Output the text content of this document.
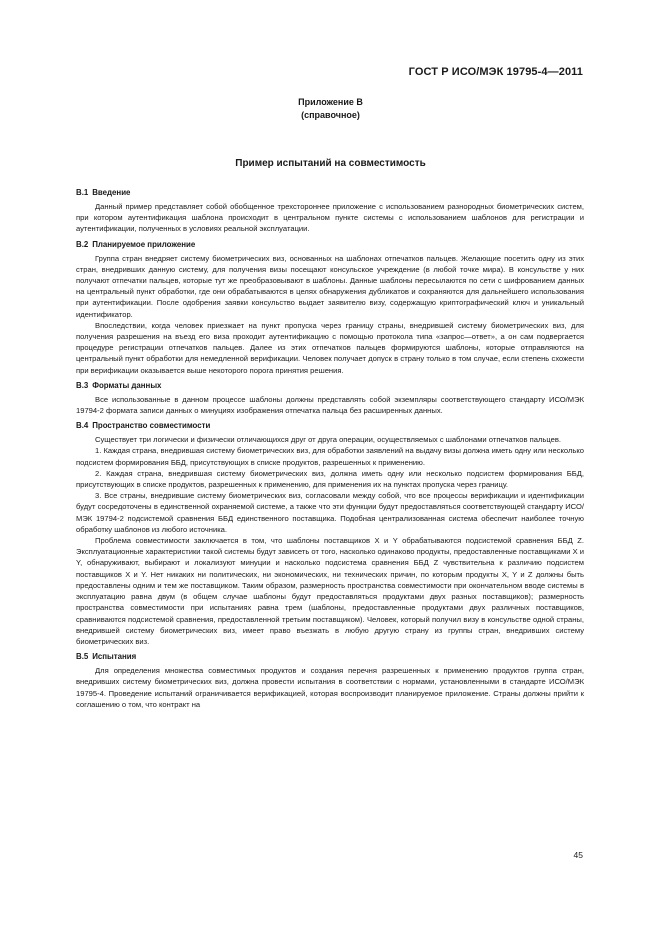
ГОСТ Р ИСО/МЭК 19795-4—2011
Приложение В
(справочное)
Пример испытаний на совместимость
В.1 Введение

Данный пример представляет собой обобщенное трехстороннее приложение с использованием разнородных биометрических систем, при котором аутентификация шаблона происходит в центральном пункте системы с использованием шаблонов для регистрации и аутентификации, полученных в условиях реальной эксплуатации.

В.2 Планируемое приложение

Группа стран внедряет систему биометрических виз, основанных на шаблонах отпечатков пальцев. Желающие посетить одну из этих стран, внедривших данную систему, для получения визы посещают консульское учреждение (в любой точке мира). В консульстве у них получают отпечатки пальцев, которые тут же преобразовывают в шаблоны. Данные шаблоны пересылаются по сети с шифрованием данных на центральный пункт обработки, где они обрабатываются в целях обнаружения дубликатов и сохраняются для дальнейшего использования при аутентификации. После одобрения заявки консульство выдает заявителю визу, содержащую криптографический ключ и уникальный идентификатор.

Впоследствии, когда человек приезжает на пункт пропуска через границу страны, внедрившей систему биометрических виз, для получения разрешения на въезд его виза проходит аутентификацию с помощью протокола типа «запрос—ответ», а он сам подвергается процедуре регистрации отпечатков пальцев. Далее из этих отпечатков пальцев формируются шаблоны, которые отправляются на центральный пункт обработки для немедленной верификации. Человек получает допуск в страну только в том случае, если степень схожести при верификации оказывается выше некоторого порога принятия решения.

В.3 Форматы данных

Все использованные в данном процессе шаблоны должны представлять собой экземпляры соответствующего стандарту ИСО/МЭК 19794-2 формата записи данных о минуциях изображения отпечатка пальца без расширенных данных.

В.4 Пространство совместимости

Существует три логически и физически отличающихся друг от друга операции, осуществляемых с шаблонами отпечатков пальцев.

1. Каждая страна, внедрившая систему биометрических виз, для обработки заявлений на выдачу визы должна иметь одну или несколько подсистем формирования ББД, присутствующих в списке продуктов, разрешенных к применению.

2. Каждая страна, внедрившая систему биометрических виз, должна иметь одну или несколько подсистем формирования ББД, присутствующих в списке продуктов, разрешенных к применению, для применения их на пунктах пропуска через границу.

3. Все страны, внедрившие систему биометрических виз, согласовали между собой, что все процессы верификации и идентификации будут сосредоточены в единственной охраняемой системе, а также что эти функции будут предоставляться соответствующей стандарту ИСО/МЭК 19794-2 подсистемой сравнения ББД единственного поставщика. Подобная централизованная система обеспечит наиболее точную обработку шаблонов из любого источника.

Проблема совместимости заключается в том, что шаблоны поставщиков X и Y обрабатываются подсистемой сравнения ББД Z. Эксплуатационные характеристики такой системы будут зависеть от того, насколько одинаково продукты, предоставленные поставщиками X и Y, обнаруживают, выбирают и локализуют минуции и насколько подсистема сравнения ББД Z чувствительна к различию подсистем поставщиков X и Y. Нет никаких ни политических, ни экономических, ни технических причин, по которым продукты X, Y и Z должны быть предоставлены одним и тем же поставщиком. Таким образом, размерность пространства совместимости при окончательном вводе системы в эксплуатацию равна двум (в общем случае шаблоны будут предоставляться продуктами двух разных поставщиков); размерность пространства совместимости при испытаниях равна трем (шаблоны, предоставленные продуктами двух различных поставщиков, сравниваются подсистемой сравнения, предоставленной третьим поставщиком). Человек, который получил визу в консульстве одной страны, внедрившей систему биометрических виз, имеет право въезжать в любую другую страну из группы стран, внедривших систему биометрических виз.

В.5 Испытания

Для определения множества совместимых продуктов и создания перечня разрешенных к применению продуктов группа стран, внедривших систему биометрических виз, должна провести испытания в соответствии с нормами, установленными в стандарте ИСО/МЭК 19795-4. Проведение испытаний ограничивается верификацией, которая воспроизводит планируемое приложение. Страны должны прийти к соглашению о том, что контракт на

45
